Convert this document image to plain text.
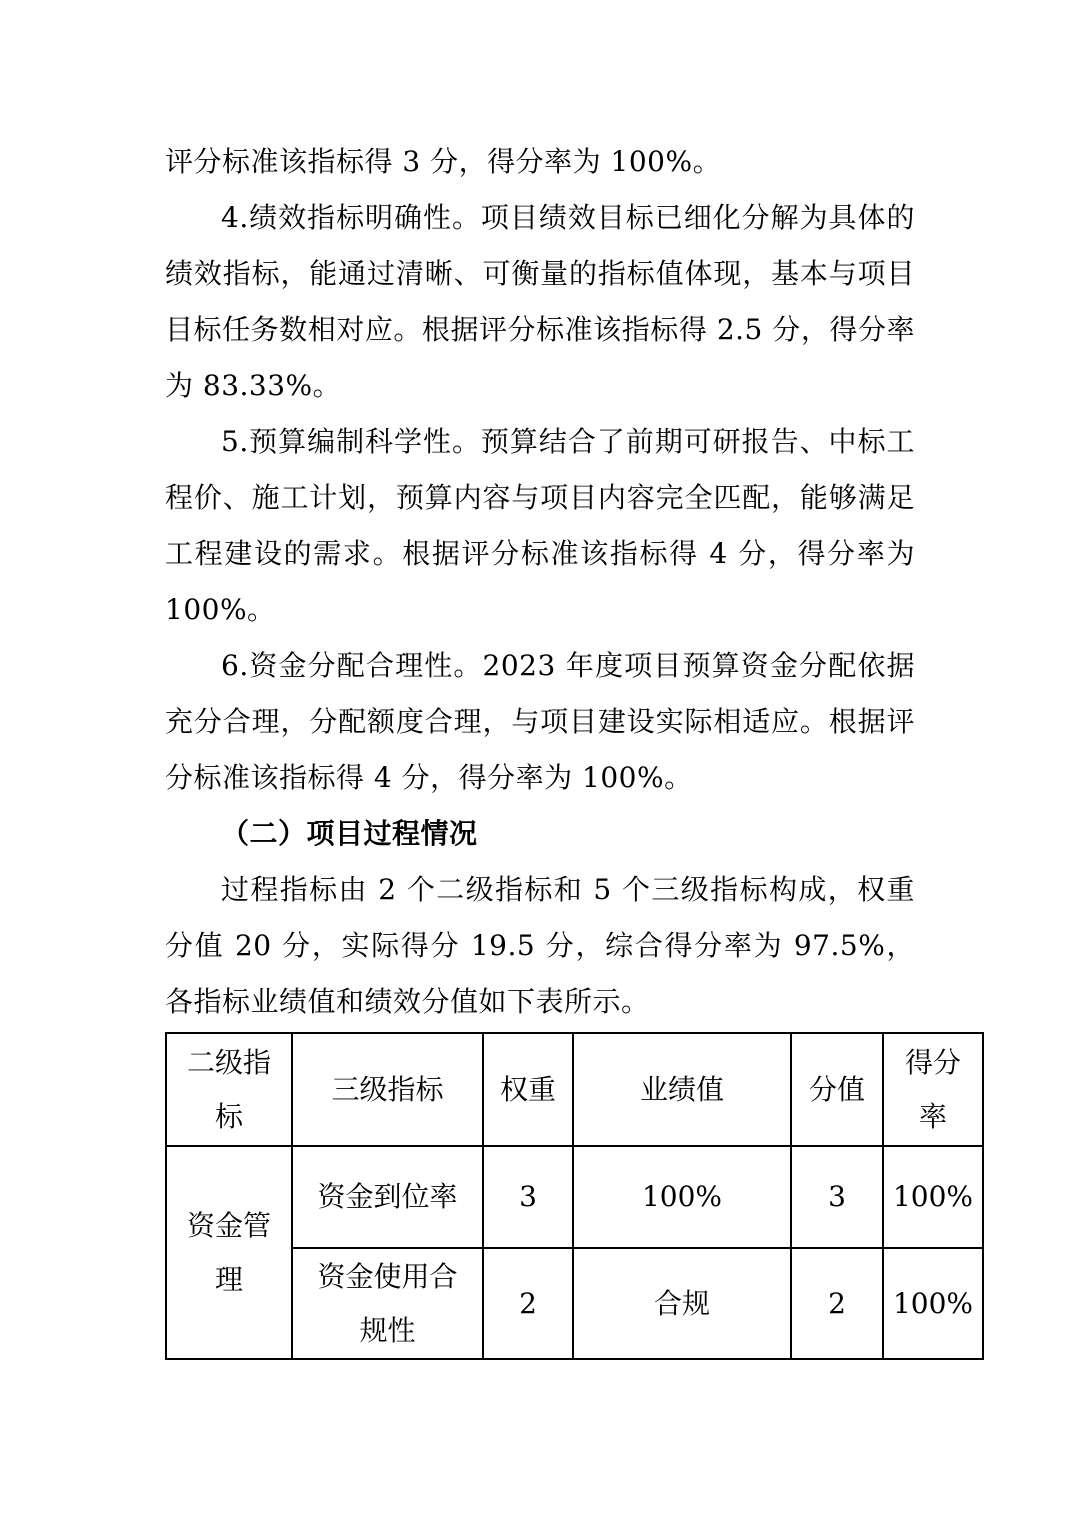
评分标准该指标得 3 分，得分率为 100%。

4.绩效指标明确性。项目绩效目标已细化分解为具体的绩效指标，能通过清晰、可衡量的指标值体现，基本与项目目标任务数相对应。根据评分标准该指标得 2.5 分，得分率为 83.33%。

5.预算编制科学性。预算结合了前期可研报告、中标工程价、施工计划，预算内容与项目内容完全匹配，能够满足工程建设的需求。根据评分标准该指标得 4 分，得分率为 100%。

6.资金分配合理性。2023 年度项目预算资金分配依据充分合理，分配额度合理，与项目建设实际相适应。根据评分标准该指标得 4 分，得分率为 100%。

（二）项目过程情况

过程指标由 2 个二级指标和 5 个三级指标构成，权重分值 20 分，实际得分 19.5 分，综合得分率为 97.5%，各指标业绩值和绩效分值如下表所示。

二级指标	三级指标	权重	业绩值	分值	得分率
资金管理	资金到位率	3	100%	3	100%
	资金使用合规性	2	合规	2	100%
